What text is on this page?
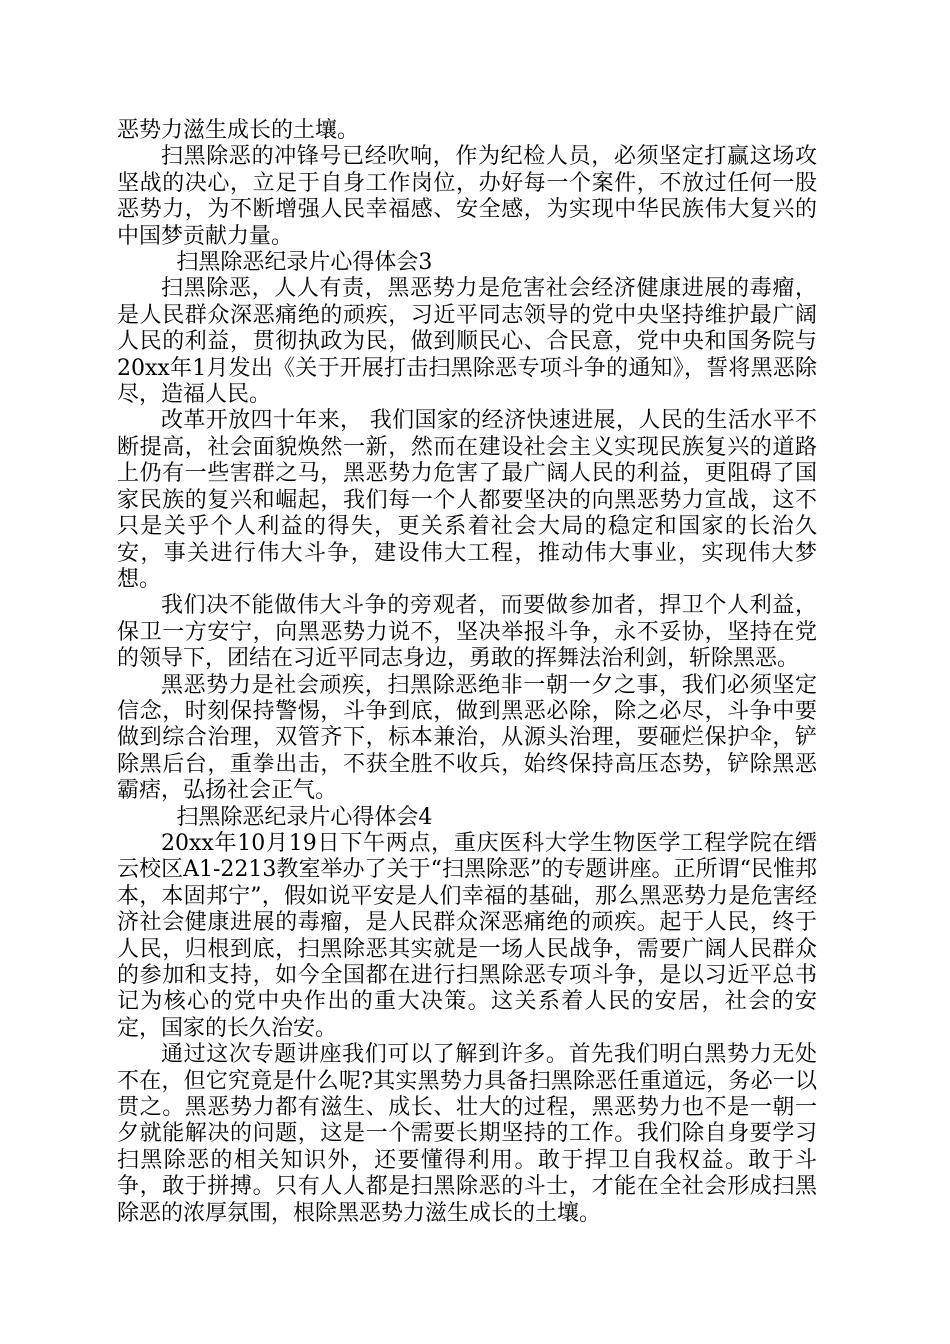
恶势力滋生成长的土壤。

扫黑除恶的冲锋号已经吹响，作为纪检人员，必须坚定打赢这场攻坚战的决心，立足于自身工作岗位，办好每一个案件，不放过任何一股恶势力，为不断增强人民幸福感、安全感，为实现中华民族伟大复兴的中国梦贡献力量。

扫黑除恶纪录片心得体会3

扫黑除恶，人人有责，黑恶势力是危害社会经济健康进展的毒瘤，是人民群众深恶痛绝的顽疾，习近平同志领导的党中央坚持维护最广阔人民的利益，贯彻执政为民，做到顺民心、合民意，党中央和国务院与20xx年1月发出《关于开展打击扫黑除恶专项斗争的通知》，誓将黑恶除尽，造福人民。

改革开放四十年来， 我们国家的经济快速进展，人民的生活水平不断提高，社会面貌焕然一新，然而在建设社会主义实现民族复兴的道路上仍有一些害群之马，黑恶势力危害了最广阔人民的利益，更阻碍了国家民族的复兴和崛起，我们每一个人都要坚决的向黑恶势力宣战，这不只是关乎个人利益的得失，更关系着社会大局的稳定和国家的长治久安，事关进行伟大斗争，建设伟大工程，推动伟大事业，实现伟大梦想。

我们决不能做伟大斗争的旁观者，而要做参加者，捍卫个人利益，保卫一方安宁，向黑恶势力说不，坚决举报斗争，永不妥协，坚持在党的领导下，团结在习近平同志身边，勇敢的挥舞法治利剑，斩除黑恶。

黑恶势力是社会顽疾，扫黑除恶绝非一朝一夕之事，我们必须坚定信念，时刻保持警惕，斗争到底，做到黑恶必除，除之必尽，斗争中要做到综合治理，双管齐下，标本兼治，从源头治理，要砸烂保护伞，铲除黑后台，重拳出击，不获全胜不收兵，始终保持高压态势，铲除黑恶霸痞，弘扬社会正气。

扫黑除恶纪录片心得体会4

20xx年10月19日下午两点，重庆医科大学生物医学工程学院在缙云校区A1-2213教室举办了关于“扫黑除恶”的专题讲座。正所谓“民惟邦本，本固邦宁”，假如说平安是人们幸福的基础，那么黑恶势力是危害经济社会健康进展的毒瘤，是人民群众深恶痛绝的顽疾。起于人民，终于人民，归根到底，扫黑除恶其实就是一场人民战争，需要广阔人民群众的参加和支持，如今全国都在进行扫黑除恶专项斗争，是以习近平总书记为核心的党中央作出的重大决策。这关系着人民的安居，社会的安定，国家的长久治安。

通过这次专题讲座我们可以了解到许多。首先我们明白黑势力无处不在，但它究竟是什么呢?其实黑势力具备扫黑除恶任重道远，务必一以贯之。黑恶势力都有滋生、成长、壮大的过程，黑恶势力也不是一朝一夕就能解决的问题，这是一个需要长期坚持的工作。我们除自身要学习扫黑除恶的相关知识外，还要懂得利用。敢于捍卫自我权益。敢于斗争，敢于拼搏。只有人人都是扫黑除恶的斗士，才能在全社会形成扫黑除恶的浓厚氛围，根除黑恶势力滋生成长的土壤。
